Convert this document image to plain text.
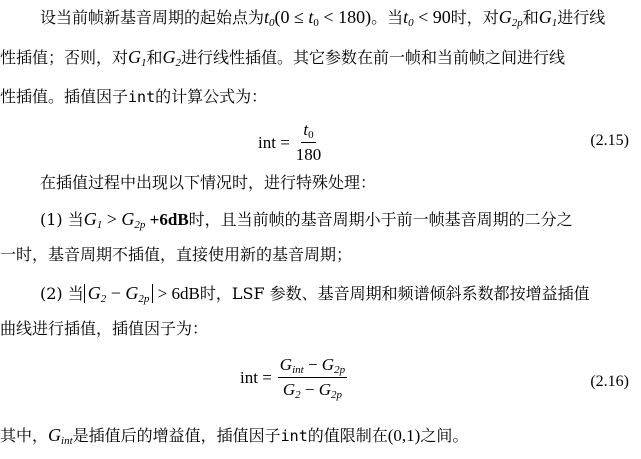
设当前帧新基音周期的起始点为$t_0(0 \le t_0 < 180)$。当$t_0 < 90$时，对$G_{2p}$和$G_1$进行线
性插值；否则，对$G_1$和$G_2$进行线性插值。其它参数在前一帧和当前帧之间进行线
性插值。插值因子int的计算公式为：
int = $\frac{t_0}{180}$	(2.15)
在插值过程中出现以下情况时，进行特殊处理：
(1) 当$G_1 > G_{2p} +6dB$时，且当前帧的基音周期小于前一帧基音周期的二分之
一时，基音周期不插值，直接使用新的基音周期；
(2) 当 $G_2 - G_{2p} > 6dB$时，LSF 参数、基音周期和频谱倾斜系数都按增益插值
曲线进行插值，插值因子为：
int = $\frac{G_{int} - G_{2p}}{G_2 - G_{2p}}$	(2.16)
其中，$G_{int}$是插值后的增益值，插值因子int的值限制在(0,1)之间。
